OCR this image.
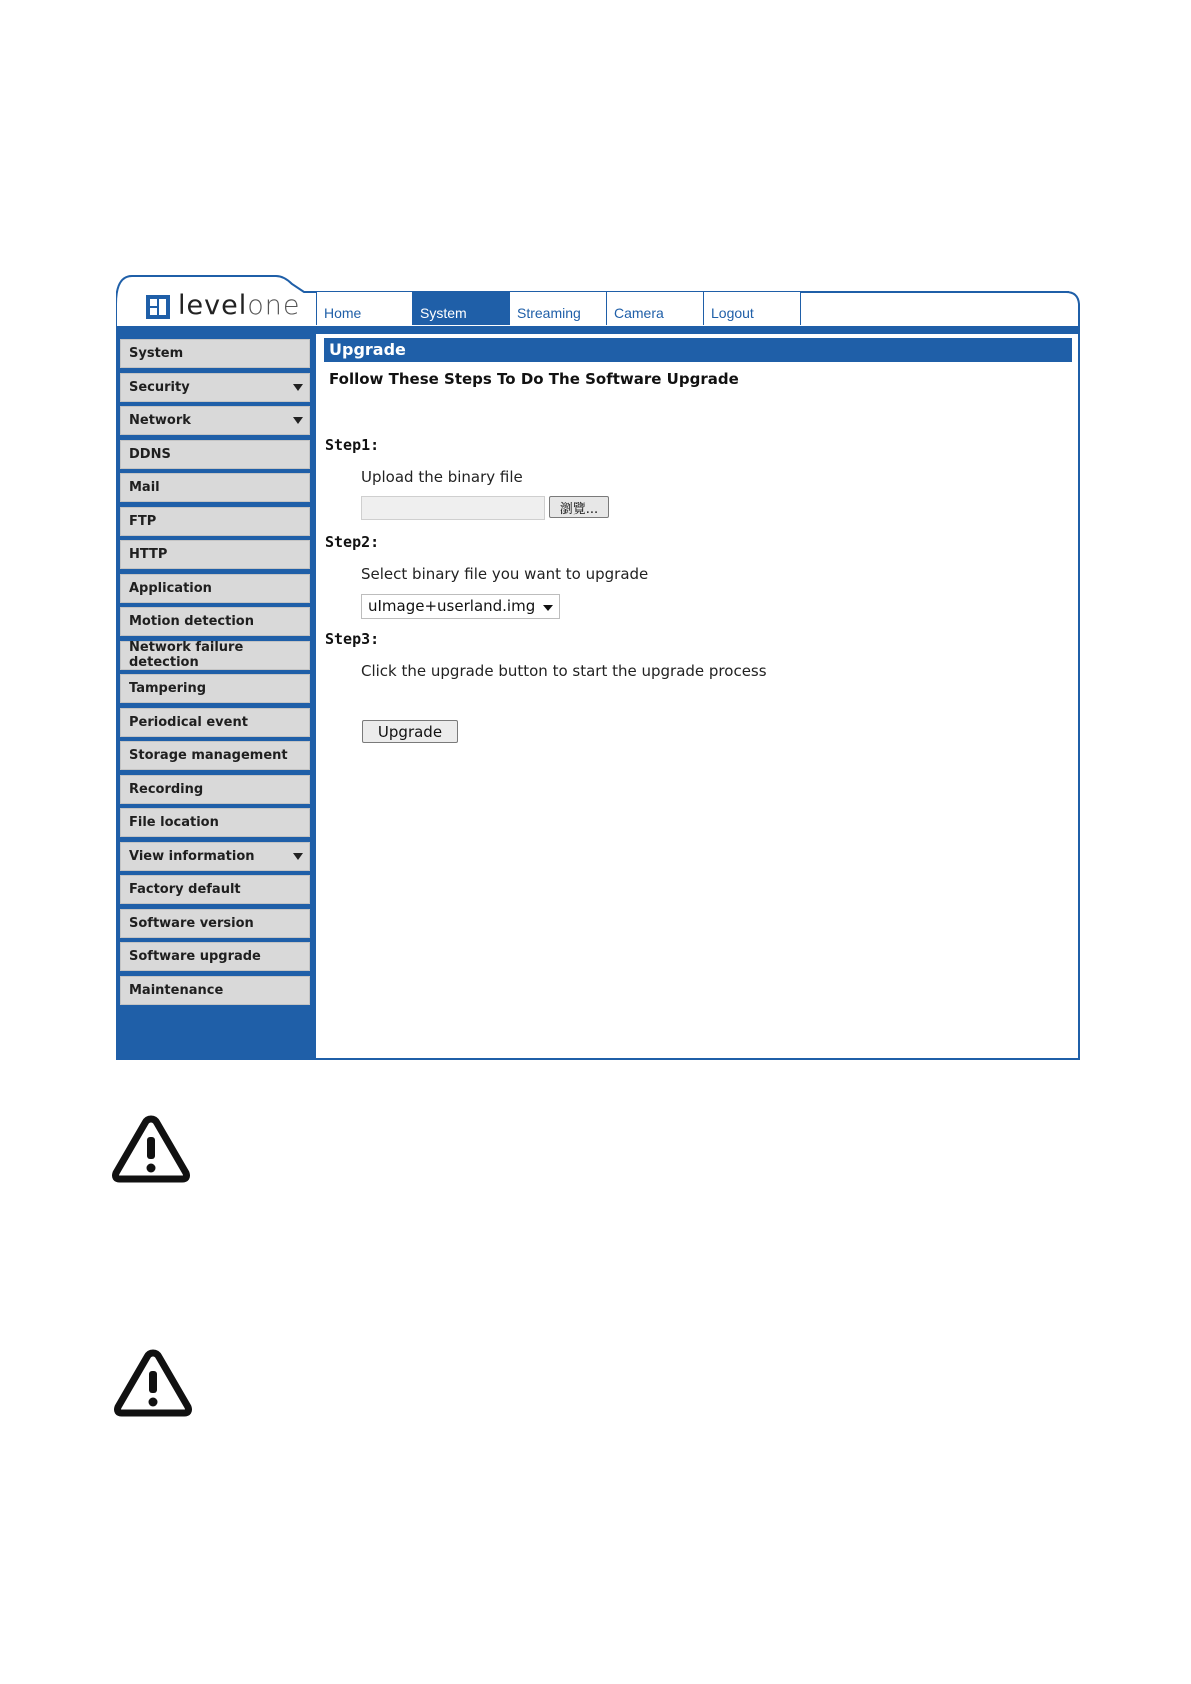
levelone	Home	System	Streaming	Camera	Logout
System
Security
Network
DDNS
Mail
FTP
HTTP
Application
Motion detection
Network failure detection
Tampering
Periodical event
Storage management
Recording
File location
View information
Factory default
Software version
Software upgrade
Maintenance
Upgrade
Follow These Steps To Do The Software Upgrade
Step1:
Upload the binary file
瀏覽...
Step2:
Select binary file you want to upgrade
uImage+userland.img
Step3:
Click the upgrade button to start the upgrade process
Upgrade
